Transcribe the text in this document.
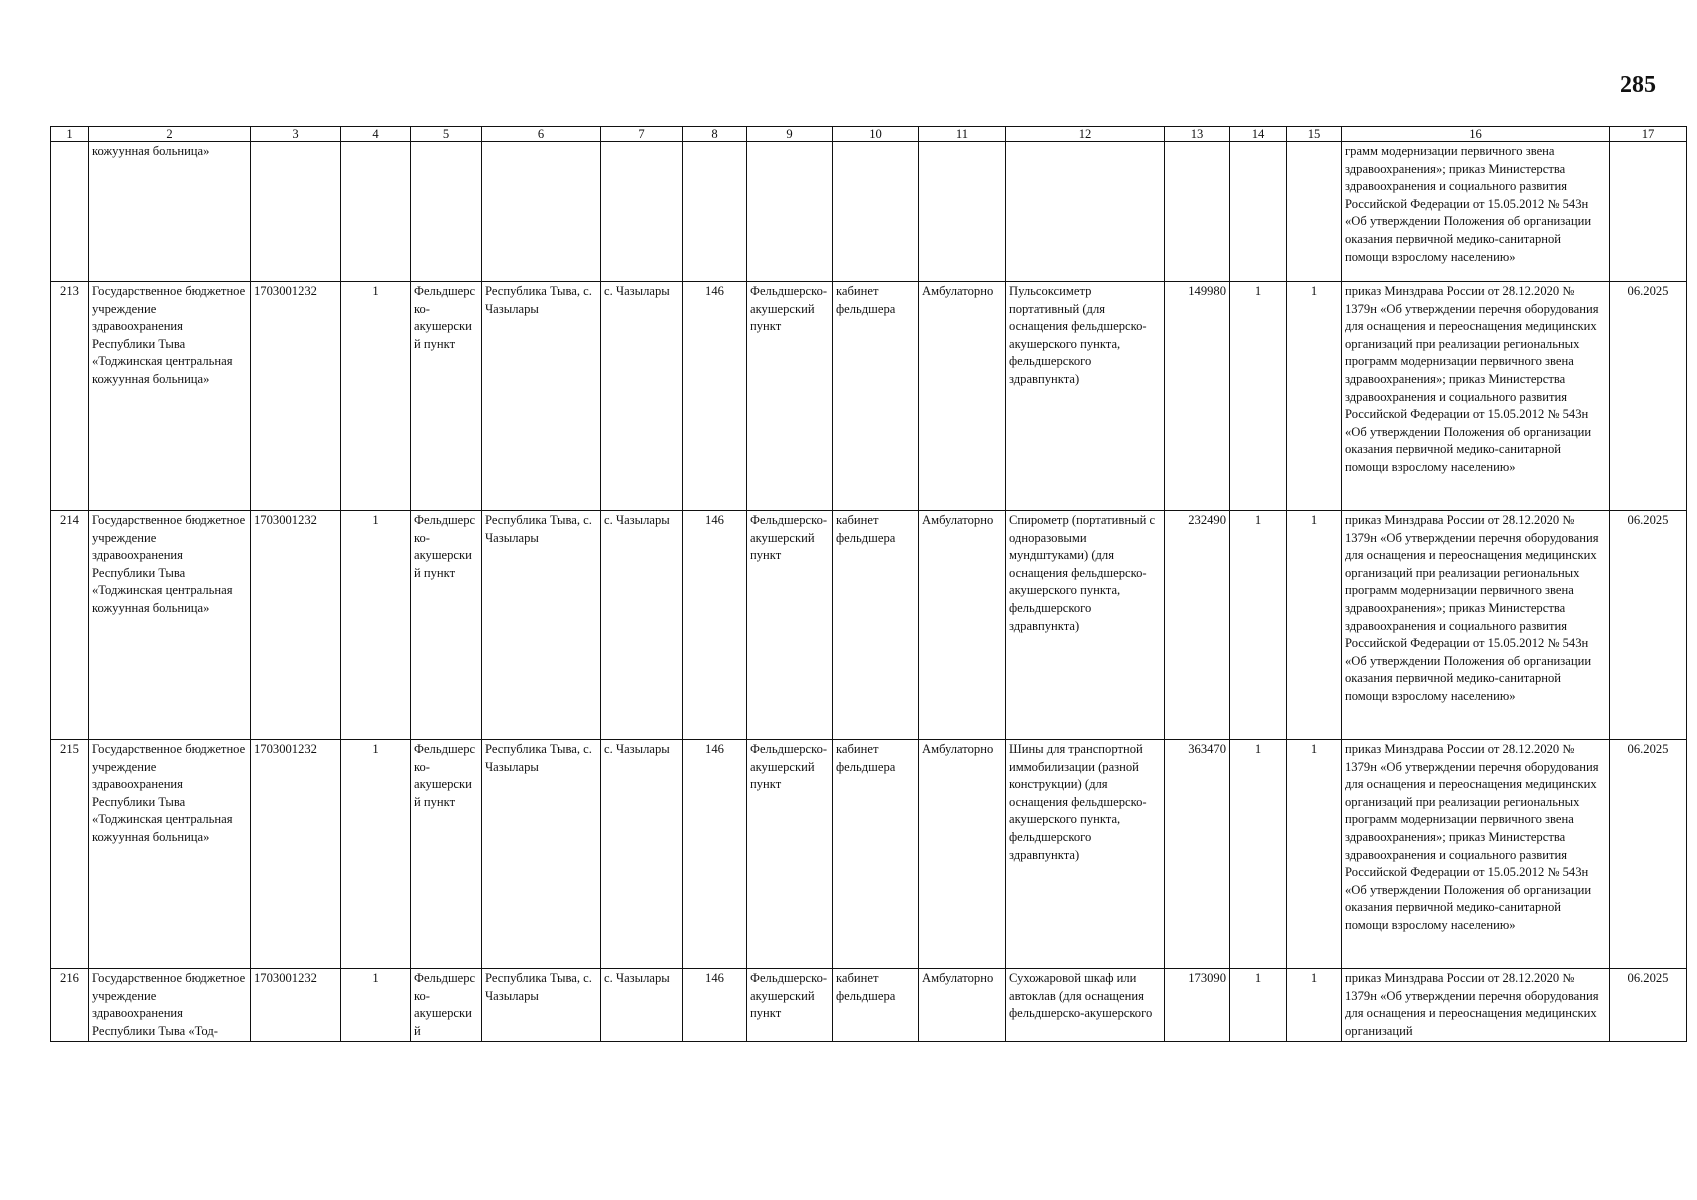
285
1	2	3	4	5	6	7	8	9	10	11	12	13	14	15	16	17
	кожуунная больница»														грамм модернизации первичного звена здравоохранения»; приказ Министерства здравоохранения и социального развития Российской Федерации от 15.05.2012 № 543н «Об утверждении Положения об организации оказания первичной медико-санитарной помощи взрослому населению»	
213	Государственное бюджетное учреждение здравоохранения Республики Тыва «Тоджинская центральная кожуунная больница»	1703001232	1	Фельдшерско-акушерский пункт	Республика Тыва, с. Чазылары	с. Чазылары	146	Фельдшерско-акушерский пункт	кабинет фельдшера	Амбулаторно	Пульсоксиметр портативный (для оснащения фельдшерско-акушерского пункта, фельдшерского здравпункта)	149980	1	1	приказ Минздрава России от 28.12.2020 № 1379н «Об утверждении перечня оборудования для оснащения и переоснащения медицинских организаций при реализации региональных программ модернизации первичного звена здравоохранения»; приказ Министерства здравоохранения и социального развития Российской Федерации от 15.05.2012 № 543н «Об утверждении Положения об организации оказания первичной медико-санитарной помощи взрослому населению»	06.2025
214	Государственное бюджетное учреждение здравоохранения Республики Тыва «Тоджинская центральная кожуунная больница»	1703001232	1	Фельдшерско-акушерский пункт	Республика Тыва, с. Чазылары	с. Чазылары	146	Фельдшерско-акушерский пункт	кабинет фельдшера	Амбулаторно	Спирометр (портативный с одноразовыми мундштуками) (для оснащения фельдшерско-акушерского пункта, фельдшерского здравпункта)	232490	1	1	приказ Минздрава России от 28.12.2020 № 1379н «Об утверждении перечня оборудования для оснащения и переоснащения медицинских организаций при реализации региональных программ модернизации первичного звена здравоохранения»; приказ Министерства здравоохранения и социального развития Российской Федерации от 15.05.2012 № 543н «Об утверждении Положения об организации оказания первичной медико-санитарной помощи взрослому населению»	06.2025
215	Государственное бюджетное учреждение здравоохранения Республики Тыва «Тоджинская центральная кожуунная больница»	1703001232	1	Фельдшерско-акушерский пункт	Республика Тыва, с. Чазылары	с. Чазылары	146	Фельдшерско-акушерский пункт	кабинет фельдшера	Амбулаторно	Шины для транспортной иммобилизации (разной конструкции) (для оснащения фельдшерско-акушерского пункта, фельдшерского здравпункта)	363470	1	1	приказ Минздрава России от 28.12.2020 № 1379н «Об утверждении перечня оборудования для оснащения и переоснащения медицинских организаций при реализации региональных программ модернизации первичного звена здравоохранения»; приказ Министерства здравоохранения и социального развития Российской Федерации от 15.05.2012 № 543н «Об утверждении Положения об организации оказания первичной медико-санитарной помощи взрослому населению»	06.2025
216	Государственное бюджетное учреждение здравоохранения Республики Тыва «Тод-	1703001232	1	Фельдшерско-акушерский	Республика Тыва, с. Чазылары	с. Чазылары	146	Фельдшерско-акушерский пункт	кабинет фельдшера	Амбулаторно	Сухожаровой шкаф или автоклав (для оснащения фельдшерско-акушерского	173090	1	1	приказ Минздрава России от 28.12.2020 № 1379н «Об утверждении перечня оборудования для оснащения и переоснащения медицинских организаций	06.2025
